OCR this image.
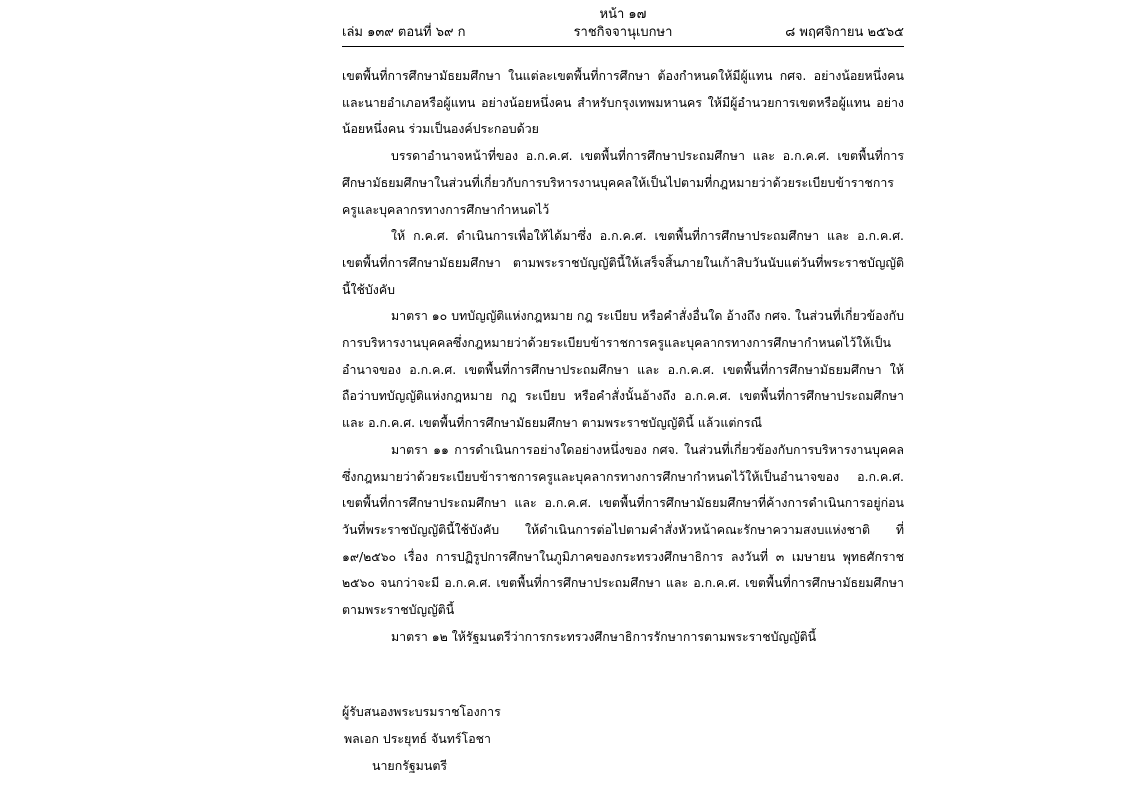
หน้า ๑๗
เล่ม ๑๓๙ ตอนที่ ๖๙ ก	ราชกิจจานุเบกษา	๘ พฤศจิกายน ๒๕๖๕

เขตพื้นที่การศึกษามัธยมศึกษา ในแต่ละเขตพื้นที่การศึกษา ต้องกำหนดให้มีผู้แทน กศจ. อย่างน้อยหนึ่งคน และนายอำเภอหรือผู้แทน อย่างน้อยหนึ่งคน สำหรับกรุงเทพมหานคร ให้มีผู้อำนวยการเขตหรือผู้แทน อย่างน้อยหนึ่งคน ร่วมเป็นองค์ประกอบด้วย

บรรดาอำนาจหน้าที่ของ อ.ก.ค.ศ. เขตพื้นที่การศึกษาประถมศึกษา และ อ.ก.ค.ศ. เขตพื้นที่การศึกษามัธยมศึกษาในส่วนที่เกี่ยวกับการบริหารงานบุคคลให้เป็นไปตามที่กฎหมายว่าด้วยระเบียบข้าราชการครูและบุคลากรทางการศึกษากำหนดไว้

ให้ ก.ค.ศ. ดำเนินการเพื่อให้ได้มาซึ่ง อ.ก.ค.ศ. เขตพื้นที่การศึกษาประถมศึกษา และ อ.ก.ค.ศ. เขตพื้นที่การศึกษามัธยมศึกษา ตามพระราชบัญญัตินี้ให้เสร็จสิ้นภายในเก้าสิบวันนับแต่วันที่พระราชบัญญัตินี้ใช้บังคับ

มาตรา ๑๐ บทบัญญัติแห่งกฎหมาย กฎ ระเบียบ หรือคำสั่งอื่นใด อ้างถึง กศจ. ในส่วนที่เกี่ยวข้องกับการบริหารงานบุคคลซึ่งกฎหมายว่าด้วยระเบียบข้าราชการครูและบุคลากรทางการศึกษากำหนดไว้ให้เป็นอำนาจของ อ.ก.ค.ศ. เขตพื้นที่การศึกษาประถมศึกษา และ อ.ก.ค.ศ. เขตพื้นที่การศึกษามัธยมศึกษา ให้ถือว่าบทบัญญัติแห่งกฎหมาย กฎ ระเบียบ หรือคำสั่งนั้นอ้างถึง อ.ก.ค.ศ. เขตพื้นที่การศึกษาประถมศึกษา และ อ.ก.ค.ศ. เขตพื้นที่การศึกษามัธยมศึกษา ตามพระราชบัญญัตินี้ แล้วแต่กรณี

มาตรา ๑๑ การดำเนินการอย่างใดอย่างหนึ่งของ กศจ. ในส่วนที่เกี่ยวข้องกับการบริหารงานบุคคลซึ่งกฎหมายว่าด้วยระเบียบข้าราชการครูและบุคลากรทางการศึกษากำหนดไว้ให้เป็นอำนาจของ อ.ก.ค.ศ. เขตพื้นที่การศึกษาประถมศึกษา และ อ.ก.ค.ศ. เขตพื้นที่การศึกษามัธยมศึกษาที่ค้างการดำเนินการอยู่ก่อนวันที่พระราชบัญญัตินี้ใช้บังคับ ให้ดำเนินการต่อไปตามคำสั่งหัวหน้าคณะรักษาความสงบแห่งชาติ ที่ ๑๙/๒๕๖๐ เรื่อง การปฏิรูปการศึกษาในภูมิภาคของกระทรวงศึกษาธิการ ลงวันที่ ๓ เมษายน พุทธศักราช ๒๕๖๐ จนกว่าจะมี อ.ก.ค.ศ. เขตพื้นที่การศึกษาประถมศึกษา และ อ.ก.ค.ศ. เขตพื้นที่การศึกษามัธยมศึกษา ตามพระราชบัญญัตินี้

มาตรา ๑๒ ให้รัฐมนตรีว่าการกระทรวงศึกษาธิการรักษาการตามพระราชบัญญัตินี้

ผู้รับสนองพระบรมราชโองการ
พลเอก ประยุทธ์ จันทร์โอชา
นายกรัฐมนตรี
